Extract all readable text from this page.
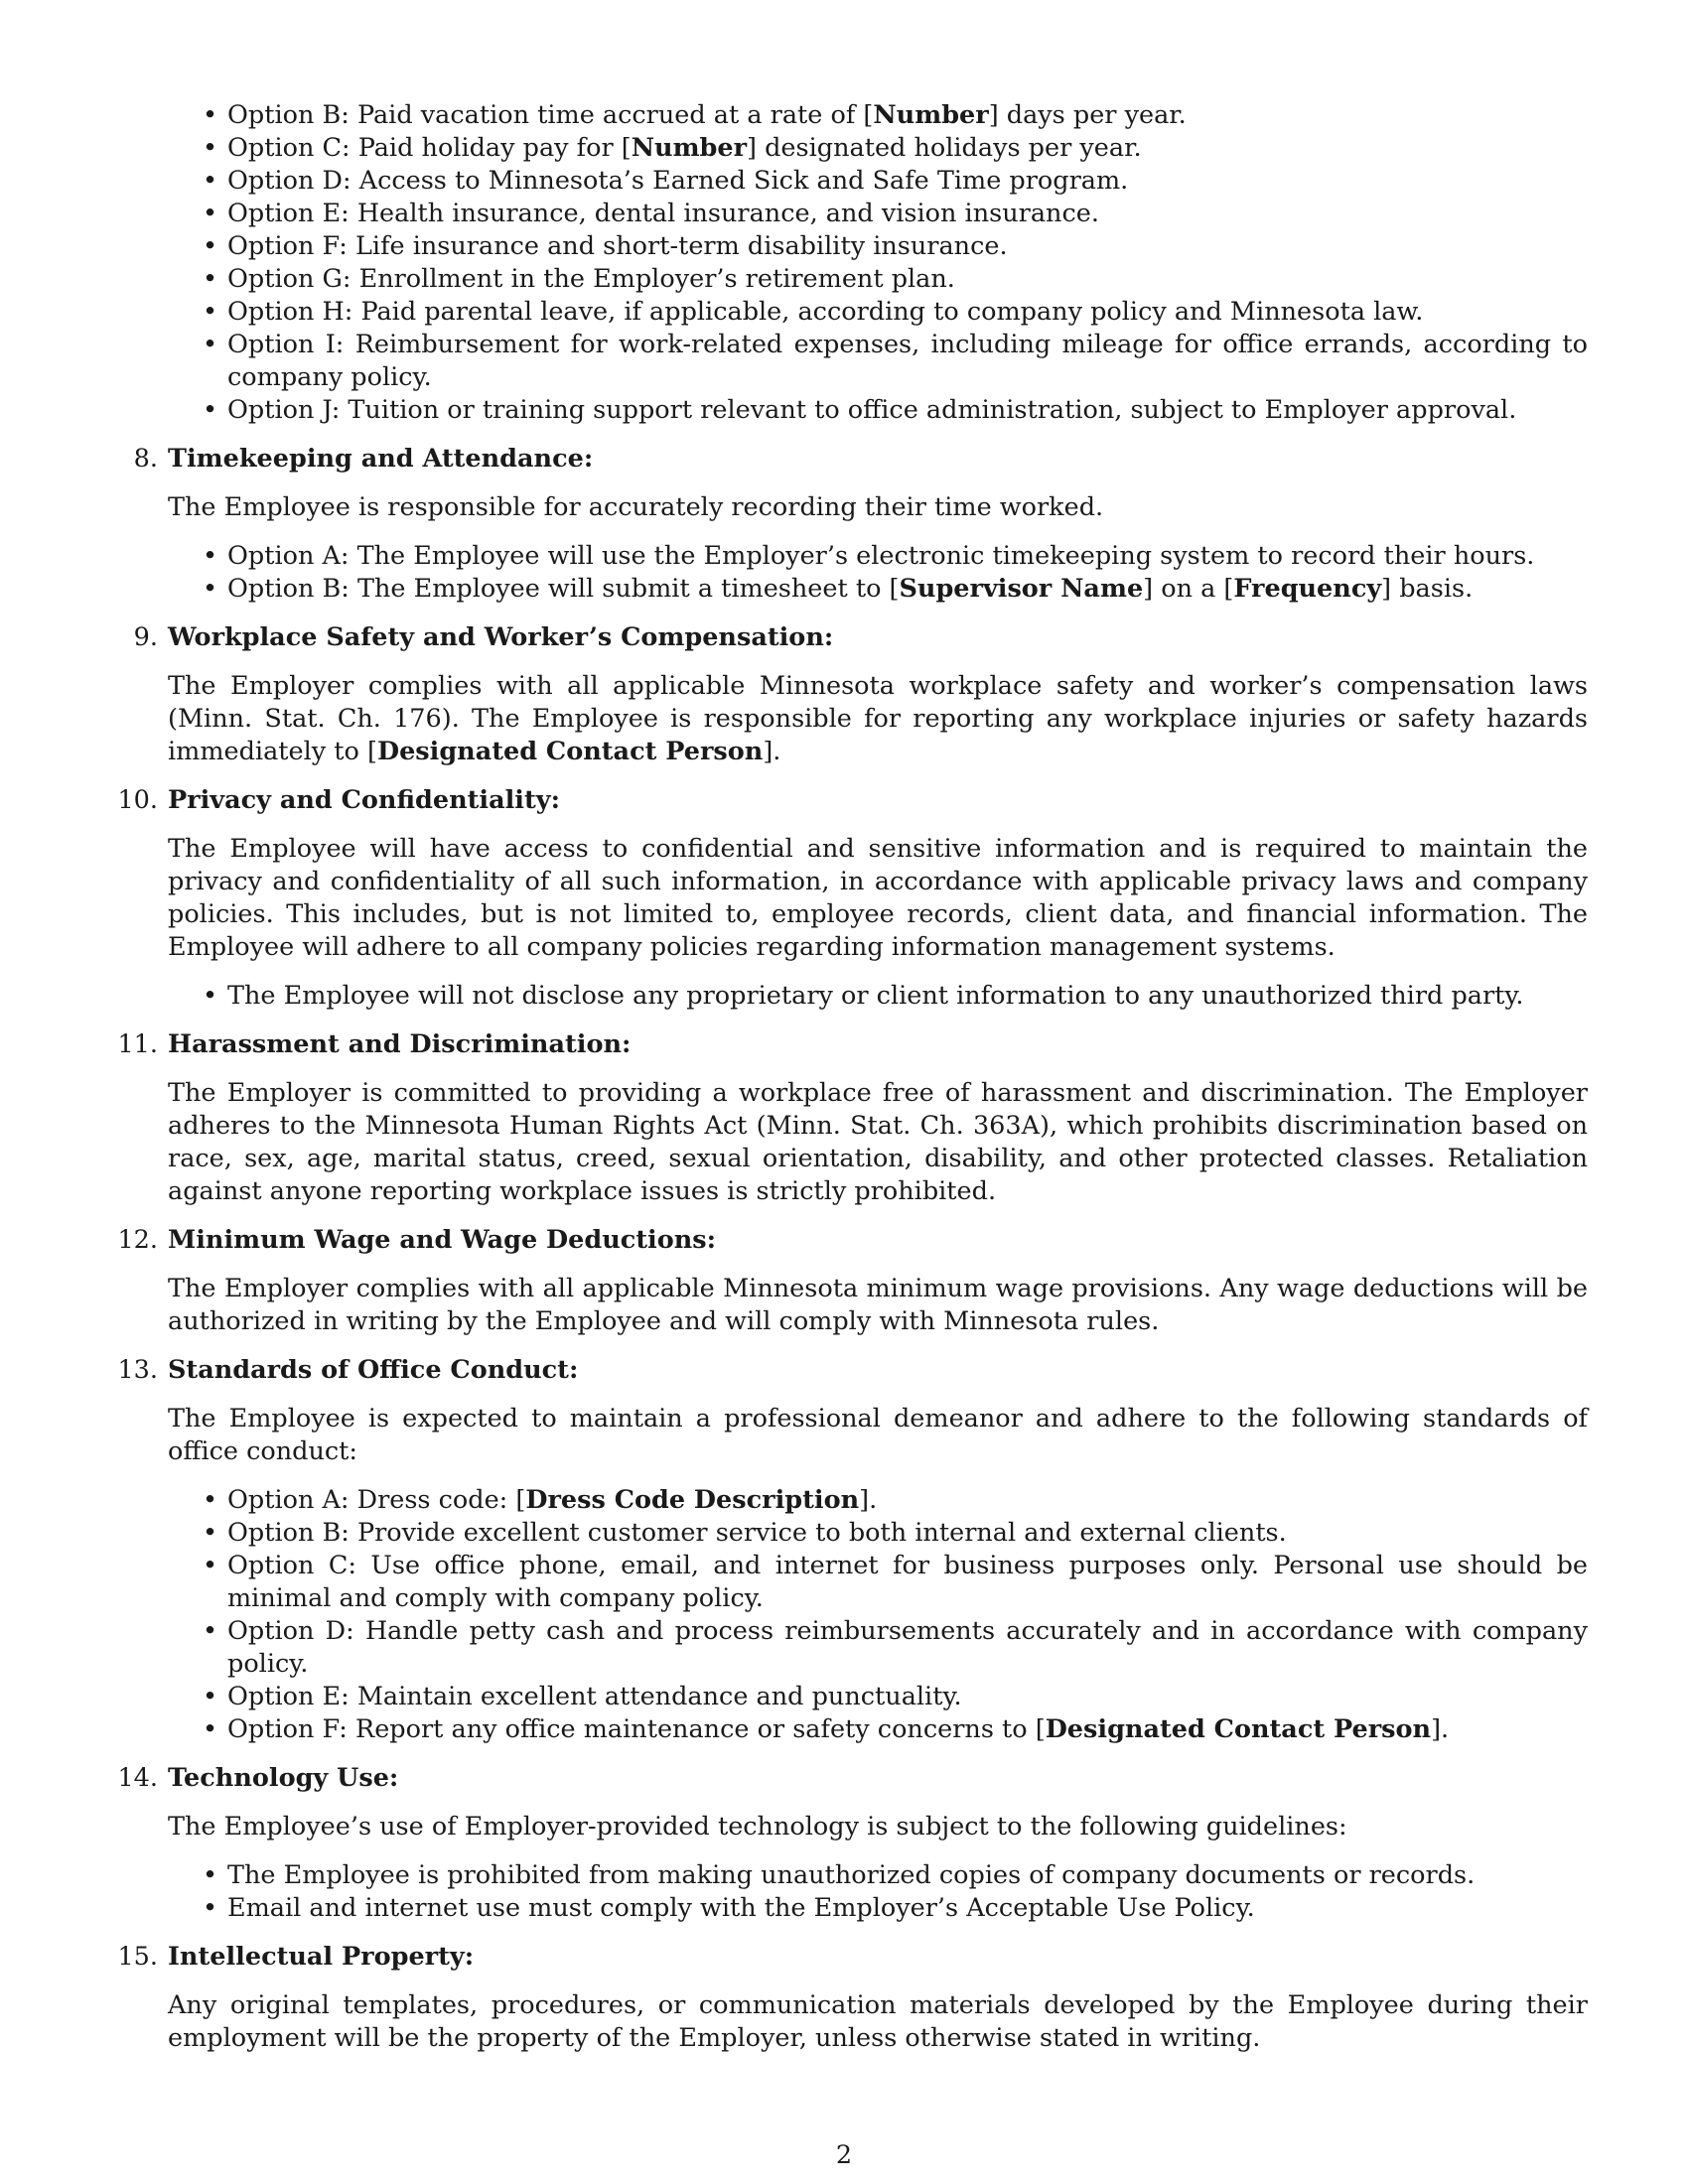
• Option B: Paid vacation time accrued at a rate of [Number] days per year.
• Option C: Paid holiday pay for [Number] designated holidays per year.
• Option D: Access to Minnesota’s Earned Sick and Safe Time program.
• Option E: Health insurance, dental insurance, and vision insurance.
• Option F: Life insurance and short-term disability insurance.
• Option G: Enrollment in the Employer’s retirement plan.
• Option H: Paid parental leave, if applicable, according to company policy and Minnesota law.
• Option I: Reimbursement for work-related expenses, including mileage for office errands, according to company policy.
• Option J: Tuition or training support relevant to office administration, subject to Employer approval.
8. Timekeeping and Attendance:

The Employee is responsible for accurately recording their time worked.

• Option A: The Employee will use the Employer’s electronic timekeeping system to record their hours.
• Option B: The Employee will submit a timesheet to [Supervisor Name] on a [Frequency] basis.
9. Workplace Safety and Worker’s Compensation:

The Employer complies with all applicable Minnesota workplace safety and worker’s compensation laws (Minn. Stat. Ch. 176). The Employee is responsible for reporting any workplace injuries or safety hazards immediately to [Designated Contact Person].

10. Privacy and Confidentiality:

The Employee will have access to confidential and sensitive information and is required to maintain the privacy and confidentiality of all such information, in accordance with applicable privacy laws and company policies. This includes, but is not limited to, employee records, client data, and financial information. The Employee will adhere to all company policies regarding information management systems.

• The Employee will not disclose any proprietary or client information to any unauthorized third party.
11. Harassment and Discrimination:

The Employer is committed to providing a workplace free of harassment and discrimination. The Employer adheres to the Minnesota Human Rights Act (Minn. Stat. Ch. 363A), which prohibits discrimination based on race, sex, age, marital status, creed, sexual orientation, disability, and other protected classes. Retaliation against anyone reporting workplace issues is strictly prohibited.

12. Minimum Wage and Wage Deductions:

The Employer complies with all applicable Minnesota minimum wage provisions. Any wage deductions will be authorized in writing by the Employee and will comply with Minnesota rules.

13. Standards of Office Conduct:

The Employee is expected to maintain a professional demeanor and adhere to the following standards of office conduct:

• Option A: Dress code: [Dress Code Description].
• Option B: Provide excellent customer service to both internal and external clients.
• Option C: Use office phone, email, and internet for business purposes only. Personal use should be minimal and comply with company policy.
• Option D: Handle petty cash and process reimbursements accurately and in accordance with company policy.
• Option E: Maintain excellent attendance and punctuality.
• Option F: Report any office maintenance or safety concerns to [Designated Contact Person].
14. Technology Use:

The Employee’s use of Employer-provided technology is subject to the following guidelines:

• The Employee is prohibited from making unauthorized copies of company documents or records.
• Email and internet use must comply with the Employer’s Acceptable Use Policy.
15. Intellectual Property:

Any original templates, procedures, or communication materials developed by the Employee during their employment will be the property of the Employer, unless otherwise stated in writing.

2
